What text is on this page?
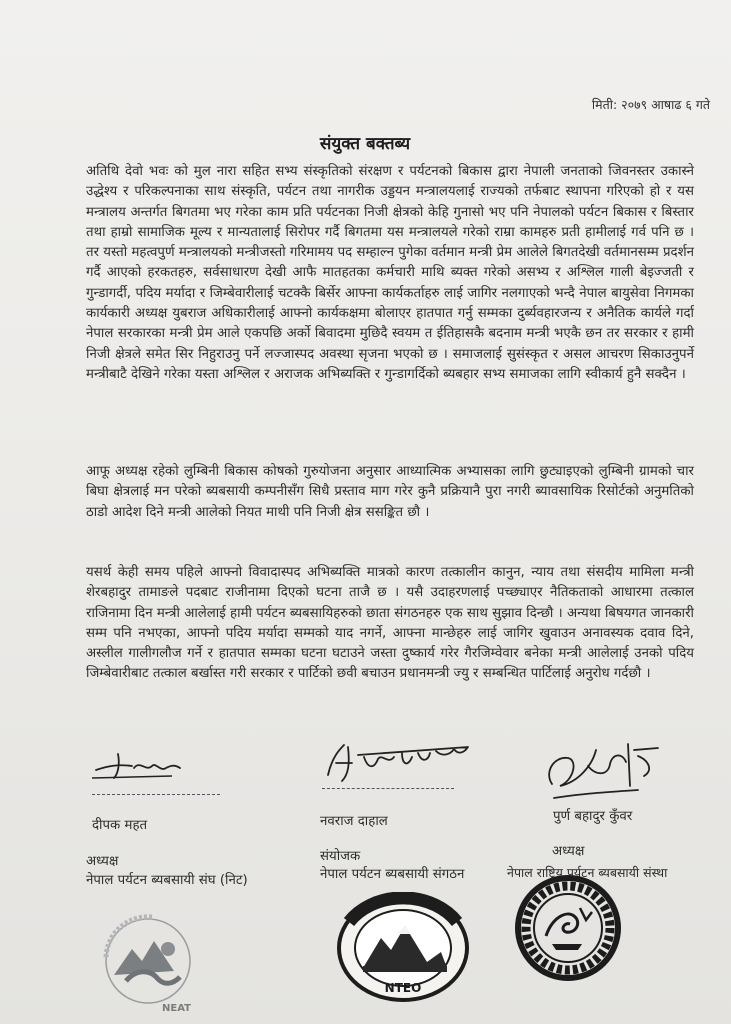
मिती: २०७९ आषाढ ६ गते
संयुक्त बक्तब्य
अतिथि देवो भवः को मुल नारा सहित सभ्य संस्कृतिको संरक्षण र पर्यटनको बिकास द्वारा नेपाली जनताको जिवनस्तर उकास्ने उद्धेश्य र परिकल्पनाका साथ संस्कृति, पर्यटन तथा नागरीक उड्डयन मन्त्रालयलाई राज्यको तर्फबाट स्थापना गरिएको हो र यस मन्त्रालय अन्तर्गत बिगतमा भए गरेका काम प्रति पर्यटनका निजी क्षेत्रको केहि गुनासो भए पनि नेपालको पर्यटन बिकास र बिस्तार तथा हाम्रो सामाजिक मूल्य र मान्यतालाई सिरोपर गर्दै बिगतमा यस मन्त्रालयले गरेको राम्रा कामहरु प्रती हामीलाई गर्व पनि छ । तर यस्तो महत्वपुर्ण मन्त्रालयको मन्त्रीजस्तो गरिमामय पद सम्हाल्न पुगेका वर्तमान मन्त्री प्रेम आलेले बिगतदेखी वर्तमानसम्म प्रदर्शन गर्दै आएको हरकतहरु, सर्वसाधारण देखी आफै मातहतका कर्मचारी माथि ब्यक्त गरेको असभ्य र अश्लिल गाली बेइज्जती र गुन्डागर्दी, पदिय मर्यादा र जिम्बेवारीलाई चटक्कै बिर्सेर आफ्ना कार्यकर्ताहरु लाई जागिर नलगाएको भन्दै नेपाल बायुसेवा निगमका कार्यकारी अध्यक्ष युबराज अधिकारीलाई आफ्नो कार्यकक्षमा बोलाएर हातपात गर्नु सम्मका दुर्ब्यवहारजन्य र अनैतिक कार्यले गर्दा नेपाल सरकारका मन्त्री प्रेम आले एकपछि अर्को बिवादमा मुछिदै स्वयम त ईतिहासकै बदनाम मन्त्री भएकै छन तर सरकार र हामी निजी क्षेत्रले समेत सिर निहुराउनु पर्ने लज्जास्पद अवस्था सृजना भएको छ । समाजलाई सुसंस्कृत र असल आचरण सिकाउनुपर्ने मन्त्रीबाटै देखिने गरेका यस्ता अश्लिल र अराजक अभिब्यक्ति र गुन्डागर्दिको ब्यबहार सभ्य समाजका लागि स्वीकार्य हुनै सक्दैन ।
आफू अध्यक्ष रहेको लुम्बिनी बिकास कोषको गुरुयोजना अनुसार आध्यात्मिक अभ्यासका लागि छुट्याइएको लुम्बिनी ग्रामको चार बिघा क्षेत्रलाई मन परेको ब्यबसायी कम्पनीसँग सिधै प्रस्ताव माग गरेर कुनै प्रक्रियानै पुरा नगरी ब्यावसायिक रिसोर्टको अनुमतिको ठाडो आदेश दिने मन्त्री आलेको नियत माथी पनि निजी क्षेत्र ससङ्कित छौ ।
यसर्थ केही समय पहिले आफ्नो विवादास्पद अभिब्यक्ति मात्रको कारण तत्कालीन कानुन, न्याय तथा संसदीय मामिला मन्त्री शेरबहादुर तामाङले पदबाट राजीनामा दिएको घटना ताजै छ । यसै उदाहरणलाई पच्छ्याएर नैतिकताको आधारमा तत्काल राजिनामा दिन मन्त्री आलेलाई हामी पर्यटन ब्यबसायिहरुको छाता संगठनहरु एक साथ सुझाव दिन्छौ । अन्यथा बिषयगत जानकारी सम्म पनि नभएका, आफ्नो पदिय मर्यादा सम्मको याद नगर्ने, आफ्ना मान्छेहरु लाई जागिर खुवाउन अनावस्यक दवाव दिने, अस्लील गालीगलौज गर्ने र हातपात सम्मका घटना घटाउने जस्ता दुष्कार्य गरेर गैरजिम्वेवार बनेका मन्त्री आलेलाई उनको पदिय जिम्बेवारीबाट तत्काल बर्खास्त गरी सरकार र पार्टिको छवी बचाउन प्रधानमन्त्री ज्यु र सम्बन्धित पार्टिलाई अनुरोध गर्दछौ ।
दीपक महत	नवराज दाहाल	पुर्ण बहादुर कुँवर
अध्यक्ष	संयोजक	अध्यक्ष
नेपाल पर्यटन ब्यबसायी संघ (निट)	नेपाल पर्यटन ब्यबसायी संगठन	नेपाल राष्ट्रिय पर्यटन ब्यबसायी संस्था
NEAT
NTEO
